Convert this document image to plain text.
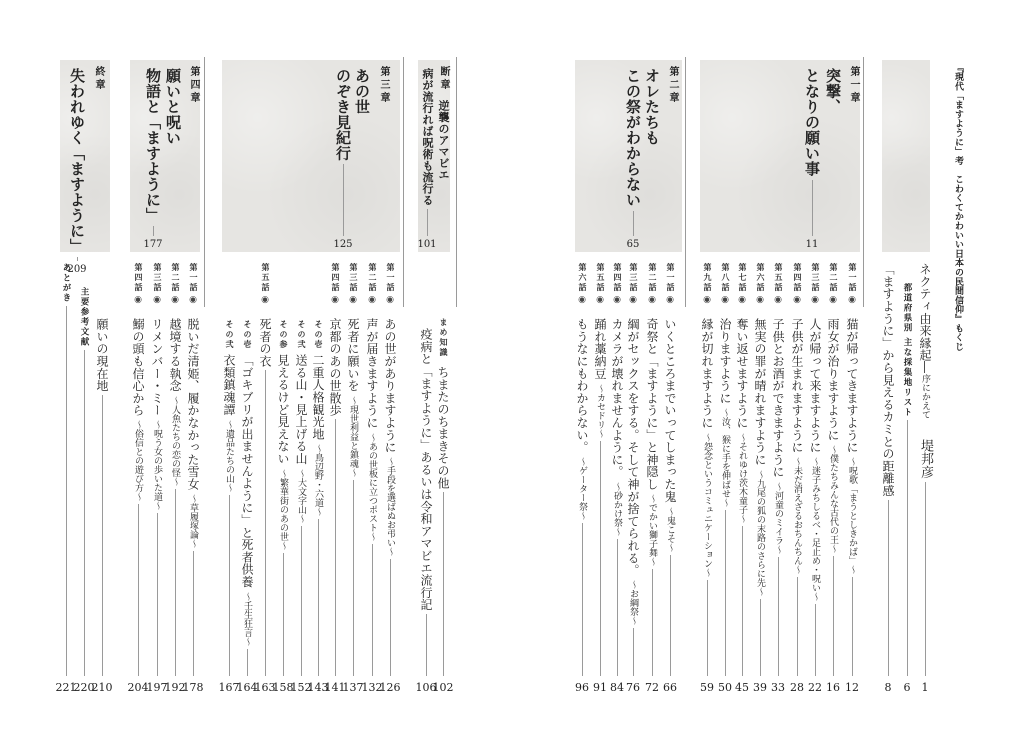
『現代「ますように」考　こわくてかわいい日本の民間信仰』もくじ
ネクティ由来縁起
―
序にかえて
堤邦彦
1
都道府県別 主な採集地リスト
6
「ますように」から見えるカミとの距離感
8
第一章
突撃、
となりの願い事
11
第一話
◉
猫が帰ってきますように
～呪歌「まうとしきかば」～
12
第二話
◉
雨女が治りますように
～僕たちみんな古代の王～
16
第三話
◉
人が帰って来ますように
～迷子みちしるべ・足止め・呪い～
22
第四話
◉
子供が生まれますように
～未だ消えざるおちんちん～
28
第五話
◉
子供とお酒ができますように
～河童のミイラ～
33
第六話
◉
無実の罪が晴れますように
～九尾の狐の末路のさらに先～
39
第七話
◉
奪い返せますように
～それゆけ茨木童子～
45
第八話
◉
治りますように
～汝、猴に手を伸ばせ～
50
第九話
◉
縁が切れますように
～怨念というコミュニケーション～
59
第二章
オレたちも
この祭がわからない
65
第一話
◉
いくところまでいってしまった鬼
～鬼こそ～
66
第二話
◉
奇祭と「ますように」と神隠し
～でかい獅子舞～
72
第三話
◉
綱がセックスをする。そして神が捨てられる。
～お綱祭～
76
第四話
◉
カメラが壊れませんように。
～砂かけ祭～
84
第五話
◉
踊れ藁納豆
～カセドリ～
91
第六話
◉
もうなにもわからない。
～ゲーター祭～
96
断章
逆襲のアマビエ
病が流行れば呪術も流行る
101
まめ知識
ちまたのちまきその他
102
疫病と「ますように」あるいは令和アマビエ流行記
106
第三章
あの世
のぞき見紀行
125
第一話
◉
あの世がありますように
～手段を選ばぬお弔い～
126
第二話
◉
声が届きますように
～あの世板に立つポスト～
132
第三話
◉
死者に願いを
～現世利益と鎮魂～
137
第四話
◉
京都のあの世散歩
141
その壱
二重人格観光地
～鳥辺野・六道～
143
その弐
送る山・見上げる山
～大文字山～
152
その参
見えるけど見えない
～繁華街のあの世～
158
第五話
◉
死者の衣
163
その壱
「ゴキブリが出ませんように」と死者供養
～壬生狂言～
164
その弐
衣類鎮魂譚
～遺品たちの山～
167
第四章
願いと呪い
物語と「ますように」
177
第一話
◉
脱いだ清姫、履かなかった雪女
～草履塚論～
178
第二話
◉
越境する執念
～人魚たちの恋の怪～
192
第三話
◉
リメンバー・ミー
～呪う女の歩いた道～
197
第四話
◉
鰯の頭も信心から
～俗信との遊び方～
204
終章
失われゆく「ますように」
209
願いの現在地
210
主要参考文献
220
あとがき
221
